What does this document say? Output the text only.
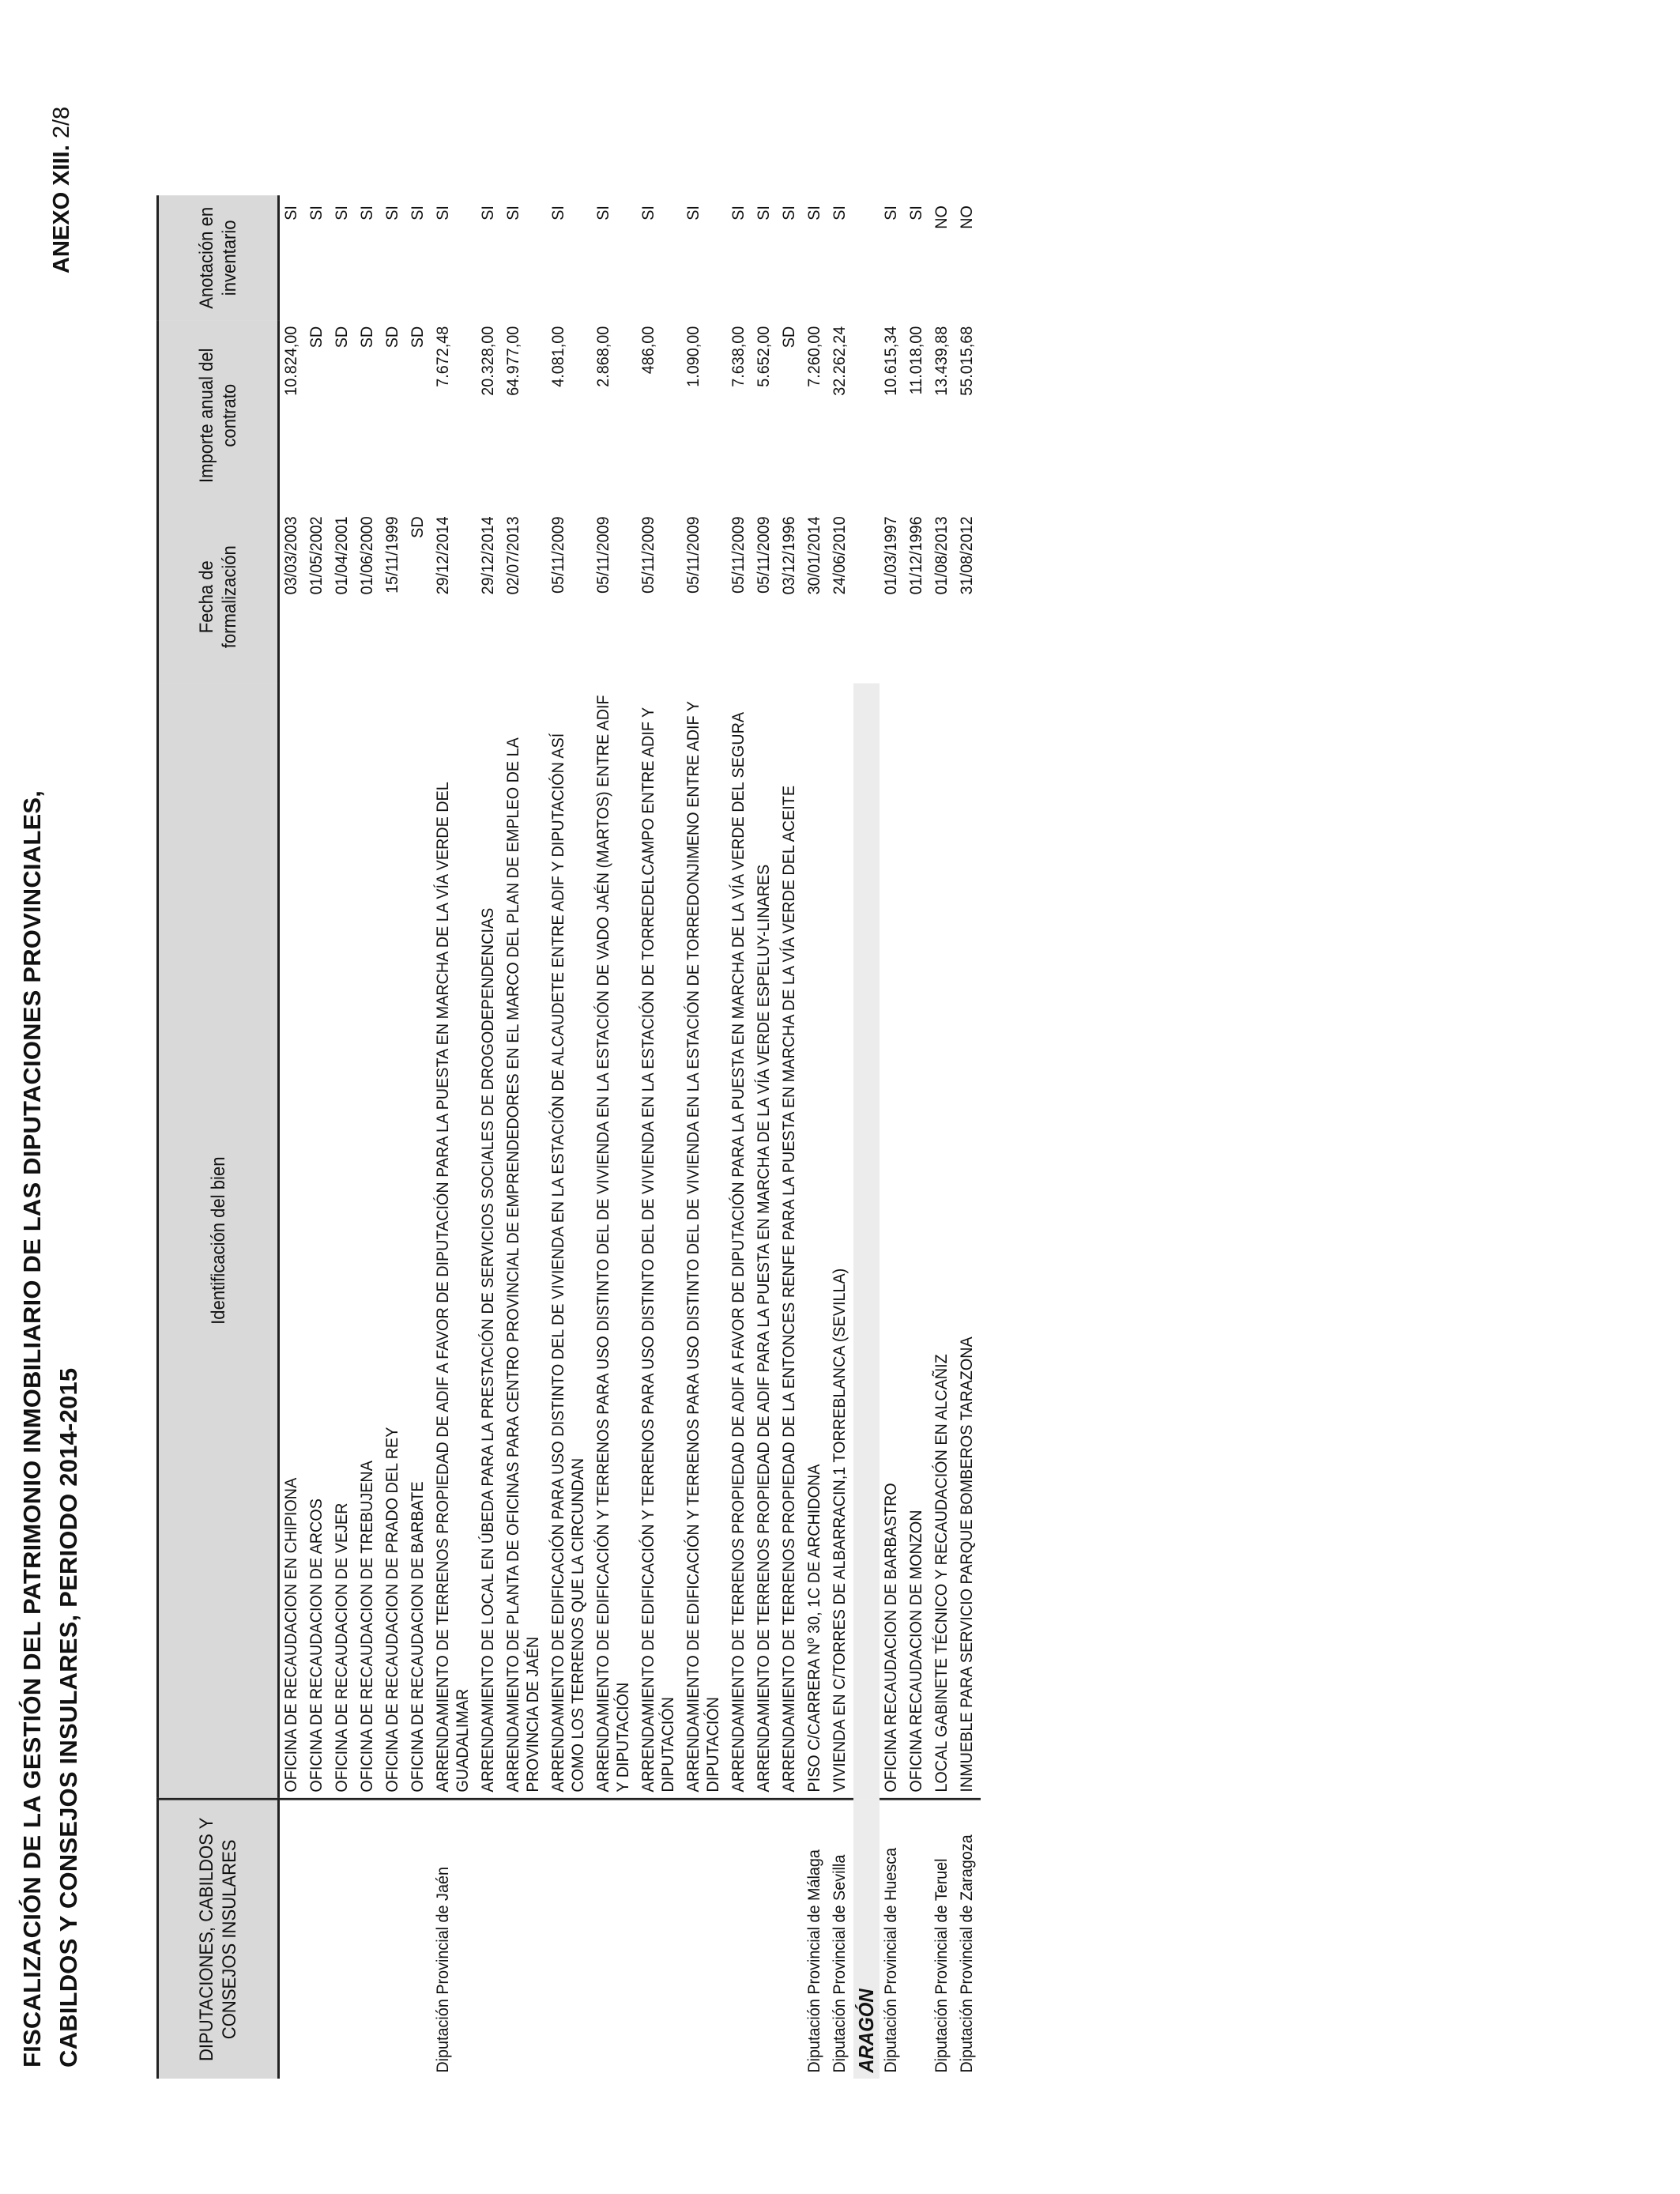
FISCALIZACIÓN DE LA GESTIÓN DEL PATRIMONIO INMOBILIARIO DE LAS DIPUTACIONES PROVINCIALES, CABILDOS Y CONSEJOS INSULARES, PERIODO 2014-2015
ANEXO XIII. 2/8
DIPUTACIONES, CABILDOS Y CONSEJOS INSULARES	Identificación del bien	Fecha de formalización	Importe anual del contrato	Anotación en inventario
	OFICINA DE RECAUDACION EN CHIPIONA	03/03/2003	10.824,00	SI
	OFICINA DE RECAUDACION DE ARCOS	01/05/2002	SD	SI
	OFICINA DE RECAUDACION DE VEJER	01/04/2001	SD	SI
	OFICINA DE RECAUDACION DE TREBUJENA	01/06/2000	SD	SI
	OFICINA DE RECAUDACION DE PRADO DEL REY	15/11/1999	SD	SI
	OFICINA DE RECAUDACION DE BARBATE	SD	SD	SI
Diputación Provincial de Jaén	ARRENDAMIENTO DE TERRENOS PROPIEDAD DE ADIF A FAVOR DE DIPUTACIÓN PARA LA PUESTA EN MARCHA DE LA VÍA VERDE DEL GUADALIMAR	29/12/2014	7.672,48	SI
	ARRENDAMIENTO DE LOCAL EN ÚBEDA PARA LA PRESTACIÓN DE SERVICIOS SOCIALES DE DROGODEPENDENCIAS	29/12/2014	20.328,00	SI
	ARRENDAMIENTO DE PLANTA DE OFICINAS PARA CENTRO PROVINCIAL DE EMPRENDEDORES EN EL MARCO DEL PLAN DE EMPLEO DE LA PROVINCIA DE JAÉN	02/07/2013	64.977,00	SI
	ARRENDAMIENTO DE EDIFICACIÓN PARA USO DISTINTO DEL DE VIVIENDA EN LA ESTACIÓN DE ALCAUDETE ENTRE ADIF Y DIPUTACIÓN ASÍ COMO LOS TERRENOS QUE LA CIRCUNDAN	05/11/2009	4.081,00	SI
	ARRENDAMIENTO DE EDIFICACIÓN Y TERRENOS PARA USO DISTINTO DEL DE VIVIENDA EN LA ESTACIÓN DE VADO JAÉN (MARTOS) ENTRE ADIF Y DIPUTACIÓN	05/11/2009	2.868,00	SI
	ARRENDAMIENTO DE EDIFICACIÓN Y TERRENOS PARA USO DISTINTO DEL DE VIVIENDA EN LA ESTACIÓN DE TORREDELCAMPO ENTRE ADIF Y DIPUTACIÓN	05/11/2009	486,00	SI
	ARRENDAMIENTO DE EDIFICACIÓN Y TERRENOS PARA USO DISTINTO DEL DE VIVIENDA EN LA ESTACIÓN DE TORREDONJIMENO ENTRE ADIF Y DIPUTACIÓN	05/11/2009	1.090,00	SI
	ARRENDAMIENTO DE TERRENOS PROPIEDAD DE ADIF A FAVOR DE DIPUTACIÓN PARA LA PUESTA EN MARCHA DE LA VÍA VERDE DEL SEGURA	05/11/2009	7.638,00	SI
	ARRENDAMIENTO DE TERRENOS PROPIEDAD DE ADIF PARA LA PUESTA EN MARCHA DE LA VÍA VERDE ESPELUY-LINARES	05/11/2009	5.652,00	SI
	ARRENDAMIENTO DE TERRENOS PROPIEDAD DE LA ENTONCES RENFE PARA LA PUESTA EN MARCHA DE LA VÍA VERDE DEL ACEITE	03/12/1996	SD	SI
Diputación Provincial de Málaga	PISO C/CARRERA Nº 30, 1C DE ARCHIDONA	30/01/2014	7.260,00	SI
Diputación Provincial de Sevilla	VIVIENDA EN C/TORRES DE ALBARRACIN,1 TORREBLANCA (SEVILLA)	24/06/2010	32.262,24	SI
ARAGÓN				
Diputación Provincial de Huesca	OFICINA RECAUDACION DE BARBASTRO	01/03/1997	10.615,34	SI
	OFICINA RECAUDACION DE MONZON	01/12/1996	11.018,00	SI
Diputación Provincial de Teruel	LOCAL GABINETE TÉCNICO Y RECAUDACIÓN EN ALCAÑIZ	01/08/2013	13.439,88	NO
Diputación Provincial de Zaragoza	INMUEBLE PARA SERVICIO PARQUE BOMBEROS TARAZONA	31/08/2012	55.015,68	NO
